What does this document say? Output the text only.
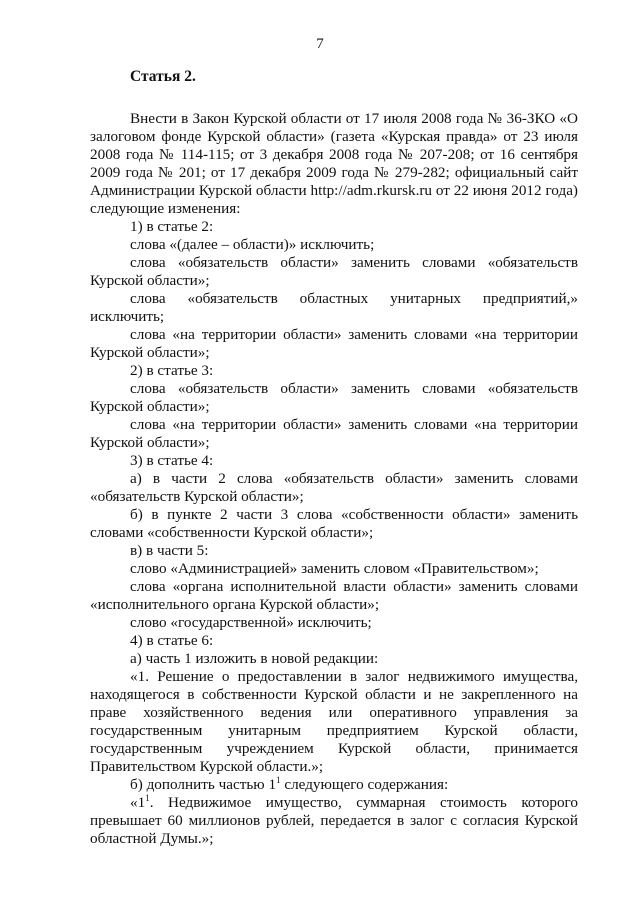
7
Статья 2.

Внести в Закон Курской области от 17 июля 2008 года № 36-ЗКО «О залоговом фонде Курской области» (газета «Курская правда» от 23 июля 2008 года № 114-115; от 3 декабря 2008 года № 207-208; от 16 сентября 2009 года № 201; от 17 декабря 2009 года № 279-282; официальный сайт Администрации Курской области http://adm.rkursk.ru от 22 июня 2012 года) следующие изменения:

1) в статье 2:

слова «(далее – области)» исключить;

слова «обязательств области» заменить словами «обязательств Курской области»;

слова «обязательств областных унитарных предприятий,» исключить;

слова «на территории области» заменить словами «на территории Курской области»;

2) в статье 3:

слова «обязательств области» заменить словами «обязательств Курской области»;

слова «на территории области» заменить словами «на территории Курской области»;

3) в статье 4:

а) в части 2 слова «обязательств области» заменить словами «обязательств Курской области»;

б) в пункте 2 части 3 слова «собственности области» заменить словами «собственности Курской области»;

в) в части 5:

слово «Администрацией» заменить словом «Правительством»;

слова «органа исполнительной власти области» заменить словами «исполнительного органа Курской области»;

слово «государственной» исключить;

4) в статье 6:

а) часть 1 изложить в новой редакции:

«1. Решение о предоставлении в залог недвижимого имущества, находящегося в собственности Курской области и не закрепленного на праве хозяйственного ведения или оперативного управления за государственным унитарным предприятием Курской области, государственным учреждением Курской области, принимается Правительством Курской области.»;

б) дополнить частью $1^1$ следующего содержания:

«$1^1$. Недвижимое имущество, суммарная стоимость которого превышает 60 миллионов рублей, передается в залог с согласия Курской областной Думы.»;
